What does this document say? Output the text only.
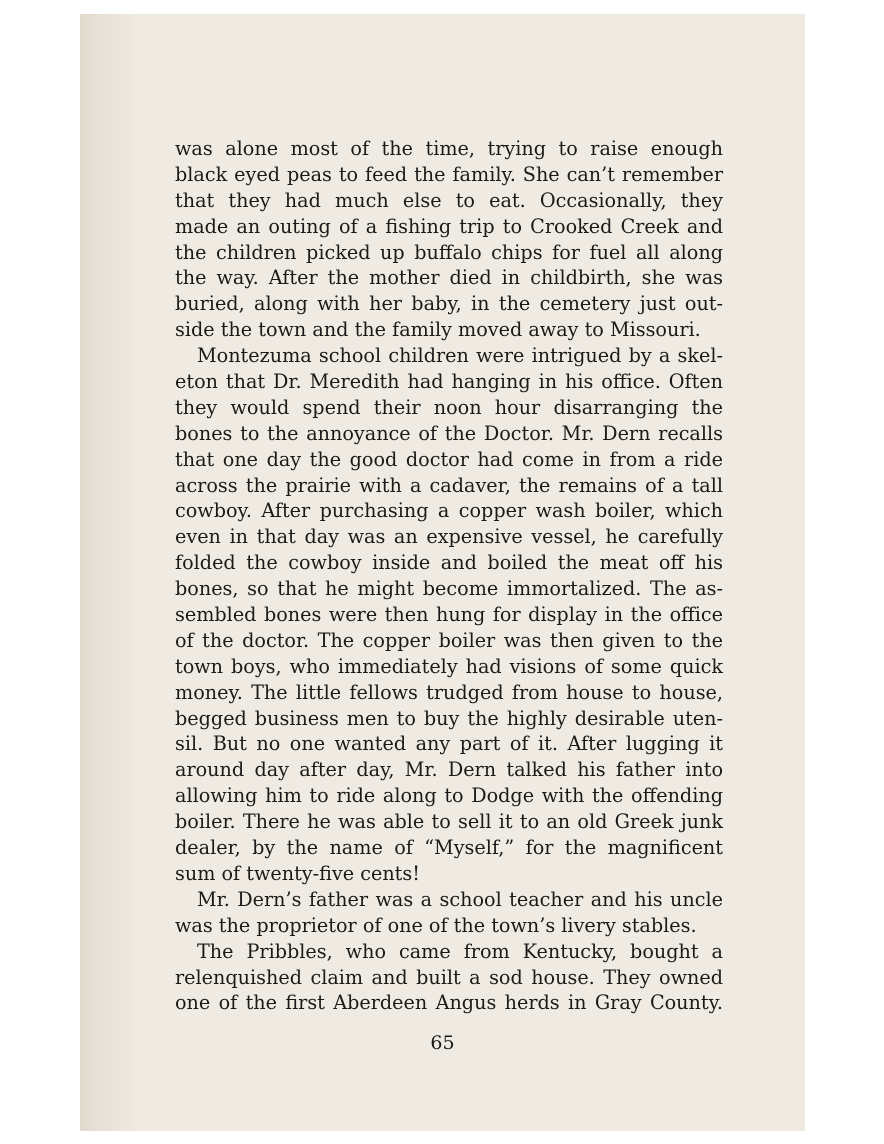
was alone most of the time, trying to raise enough
black eyed peas to feed the family. She can’t remember
that they had much else to eat. Occasionally, they
made an outing of a fishing trip to Crooked Creek and
the children picked up buffalo chips for fuel all along
the way. After the mother died in childbirth, she was
buried, along with her baby, in the cemetery just out-
side the town and the family moved away to Missouri.
Montezuma school children were intrigued by a skel-
eton that Dr. Meredith had hanging in his office. Often
they would spend their noon hour disarranging the
bones to the annoyance of the Doctor. Mr. Dern recalls
that one day the good doctor had come in from a ride
across the prairie with a cadaver, the remains of a tall
cowboy. After purchasing a copper wash boiler, which
even in that day was an expensive vessel, he carefully
folded the cowboy inside and boiled the meat off his
bones, so that he might become immortalized. The as-
sembled bones were then hung for display in the office
of the doctor. The copper boiler was then given to the
town boys, who immediately had visions of some quick
money. The little fellows trudged from house to house,
begged business men to buy the highly desirable uten-
sil. But no one wanted any part of it. After lugging it
around day after day, Mr. Dern talked his father into
allowing him to ride along to Dodge with the offending
boiler. There he was able to sell it to an old Greek junk
dealer, by the name of “Myself,” for the magnificent
sum of twenty-five cents!
Mr. Dern’s father was a school teacher and his uncle
was the proprietor of one of the town’s livery stables.
The Pribbles, who came from Kentucky, bought a
relenquished claim and built a sod house. They owned
one of the first Aberdeen Angus herds in Gray County.
65
